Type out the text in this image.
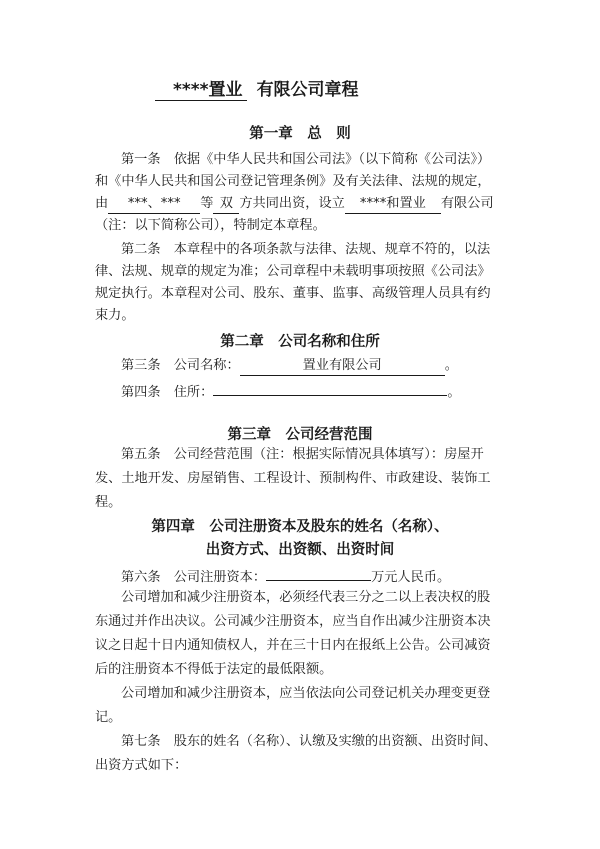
****置业 有限公司章程
第一章　总　则
第一条　依据《中华人民共和国公司法》（以下简称《公司法》）
和《中华人民共和国公司登记管理条例》及有关法律、法规的规定，
由 ***、*** 等 双 方共同出资，设立 ****和置业 有限公司
（注：以下简称公司），特制定本章程。
第二条　本章程中的各项条款与法律、法规、规章不符的，以法
律、法规、规章的规定为准；公司章程中未载明事项按照《公司法》
规定执行。本章程对公司、股东、董事、监事、高级管理人员具有约
束力。
第二章　公司名称和住所
第三条　公司名称：	置业有限公司	。
第四条　住所：	。
第三章　公司经营范围
第五条　公司经营范围（注：根据实际情况具体填写）：房屋开
发、土地开发、房屋销售、工程设计、预制构件、市政建设、装饰工
程。
第四章　公司注册资本及股东的姓名（名称）、
出资方式、出资额、出资时间
第六条　公司注册资本：	万元人民币。
公司增加和减少注册资本，必须经代表三分之二以上表决权的股
东通过并作出决议。公司减少注册资本，应当自作出减少注册资本决
议之日起十日内通知债权人，并在三十日内在报纸上公告。公司减资
后的注册资本不得低于法定的最低限额。
公司增加和减少注册资本，应当依法向公司登记机关办理变更登
记。
第七条　股东的姓名（名称）、认缴及实缴的出资额、出资时间、
出资方式如下：
